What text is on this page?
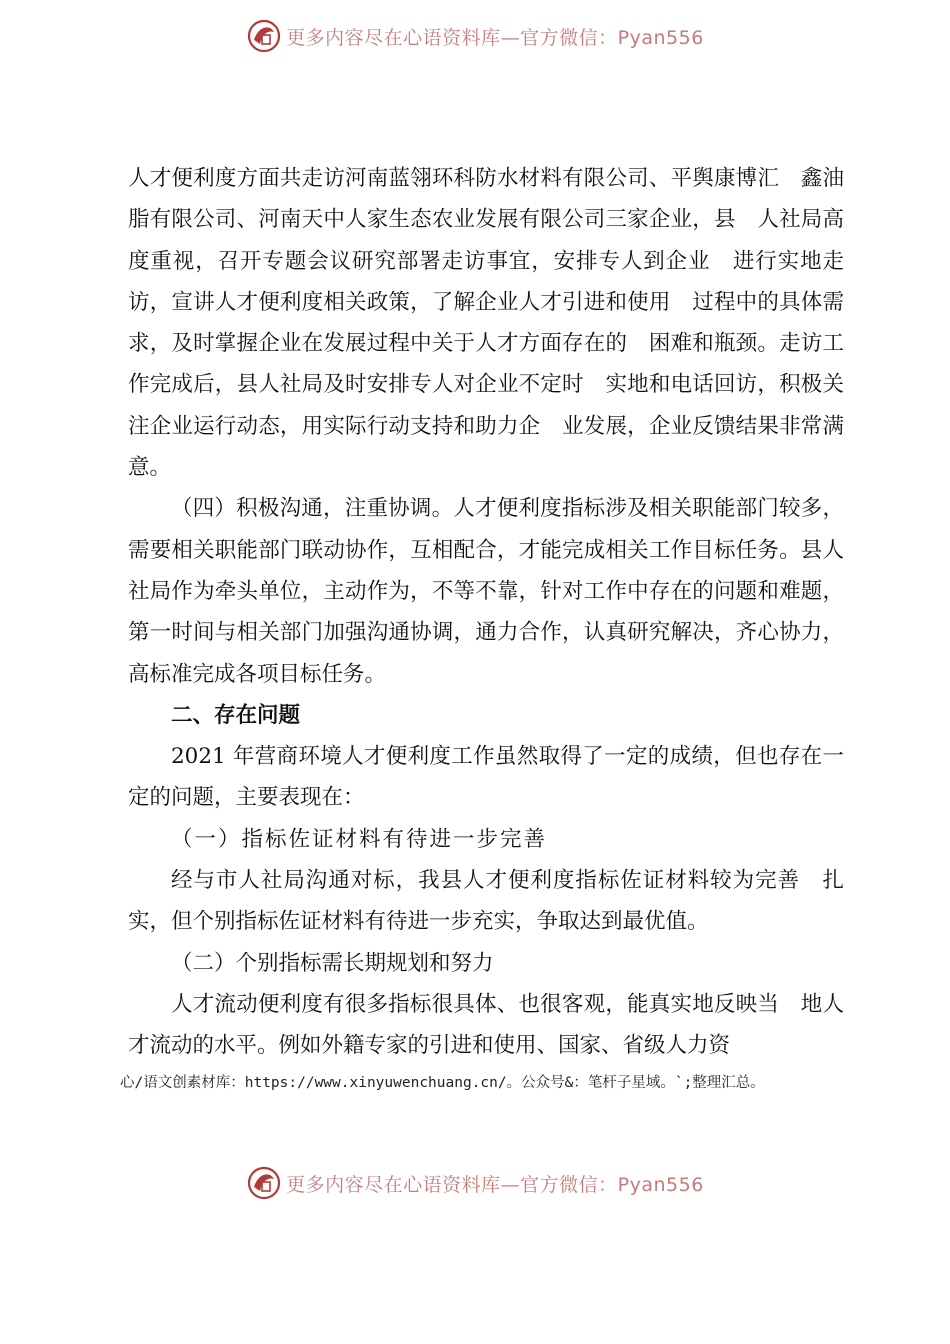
更多内容尽在心语资料库—官方微信：Pyan556

人才便利度方面共走访河南蓝翎环科防水材料有限公司、平舆康博汇　鑫油脂有限公司、河南天中人家生态农业发展有限公司三家企业，县　人社局高度重视，召开专题会议研究部署走访事宜，安排专人到企业　进行实地走访，宣讲人才便利度相关政策，了解企业人才引进和使用　过程中的具体需求，及时掌握企业在发展过程中关于人才方面存在的　困难和瓶颈。走访工作完成后，县人社局及时安排专人对企业不定时　实地和电话回访，积极关注企业运行动态，用实际行动支持和助力企　业发展，企业反馈结果非常满意。

（四）积极沟通，注重协调。人才便利度指标涉及相关职能部门较多，需要相关职能部门联动协作，互相配合，才能完成相关工作目标任务。县人社局作为牵头单位，主动作为，不等不靠，针对工作中存在的问题和难题，第一时间与相关部门加强沟通协调，通力合作，认真研究解决，齐心协力，高标准完成各项目标任务。

二、存在问题

2021 年营商环境人才便利度工作虽然取得了一定的成绩，但也存在一定的问题，主要表现在：

（一）指标佐证材料有待进一步完善

经与市人社局沟通对标，我县人才便利度指标佐证材料较为完善　扎实，但个别指标佐证材料有待进一步充实，争取达到最优值。

（二）个别指标需长期规划和努力

人才流动便利度有很多指标很具体、也很客观，能真实地反映当　地人才流动的水平。例如外籍专家的引进和使用、国家、省级人力资

心/语文创素材库：https://www.xinyuwenchuang.cn/。公众号&：笔杆子星域。`;整理汇总。
更多内容尽在心语资料库—官方微信：Pyan556
